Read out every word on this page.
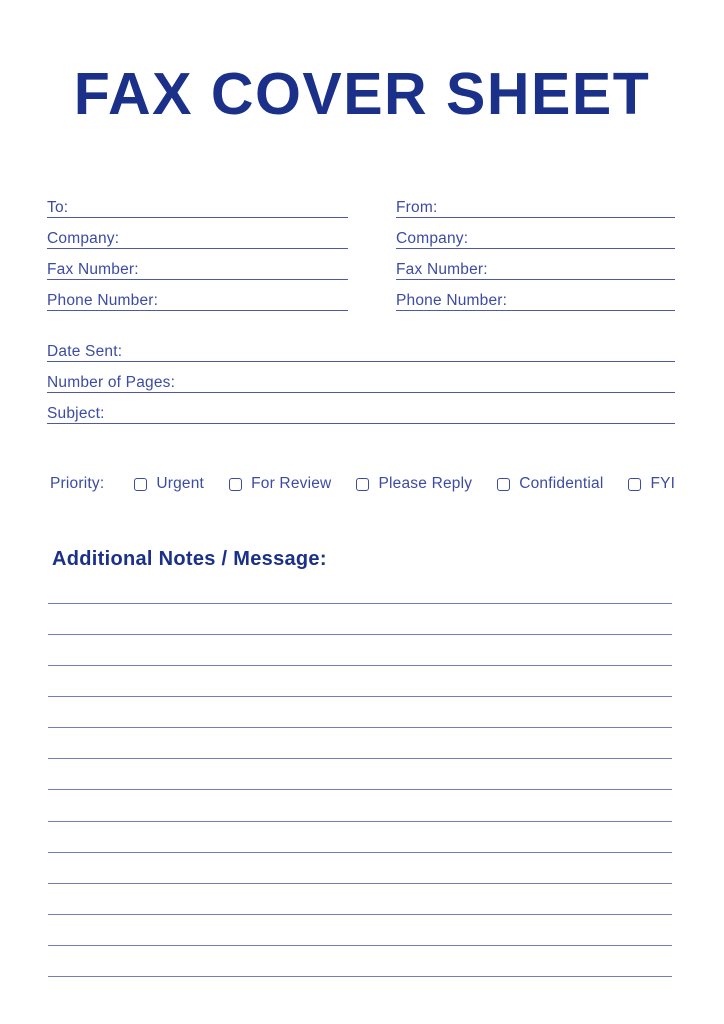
FAX COVER SHEET
To:
Company:
Fax Number:
Phone Number:
From:
Company:
Fax Number:
Phone Number:
Date Sent:
Number of Pages:
Subject:
Priority:	Urgent	For Review	Please Reply	Confidential	FYI
Additional Notes / Message:
